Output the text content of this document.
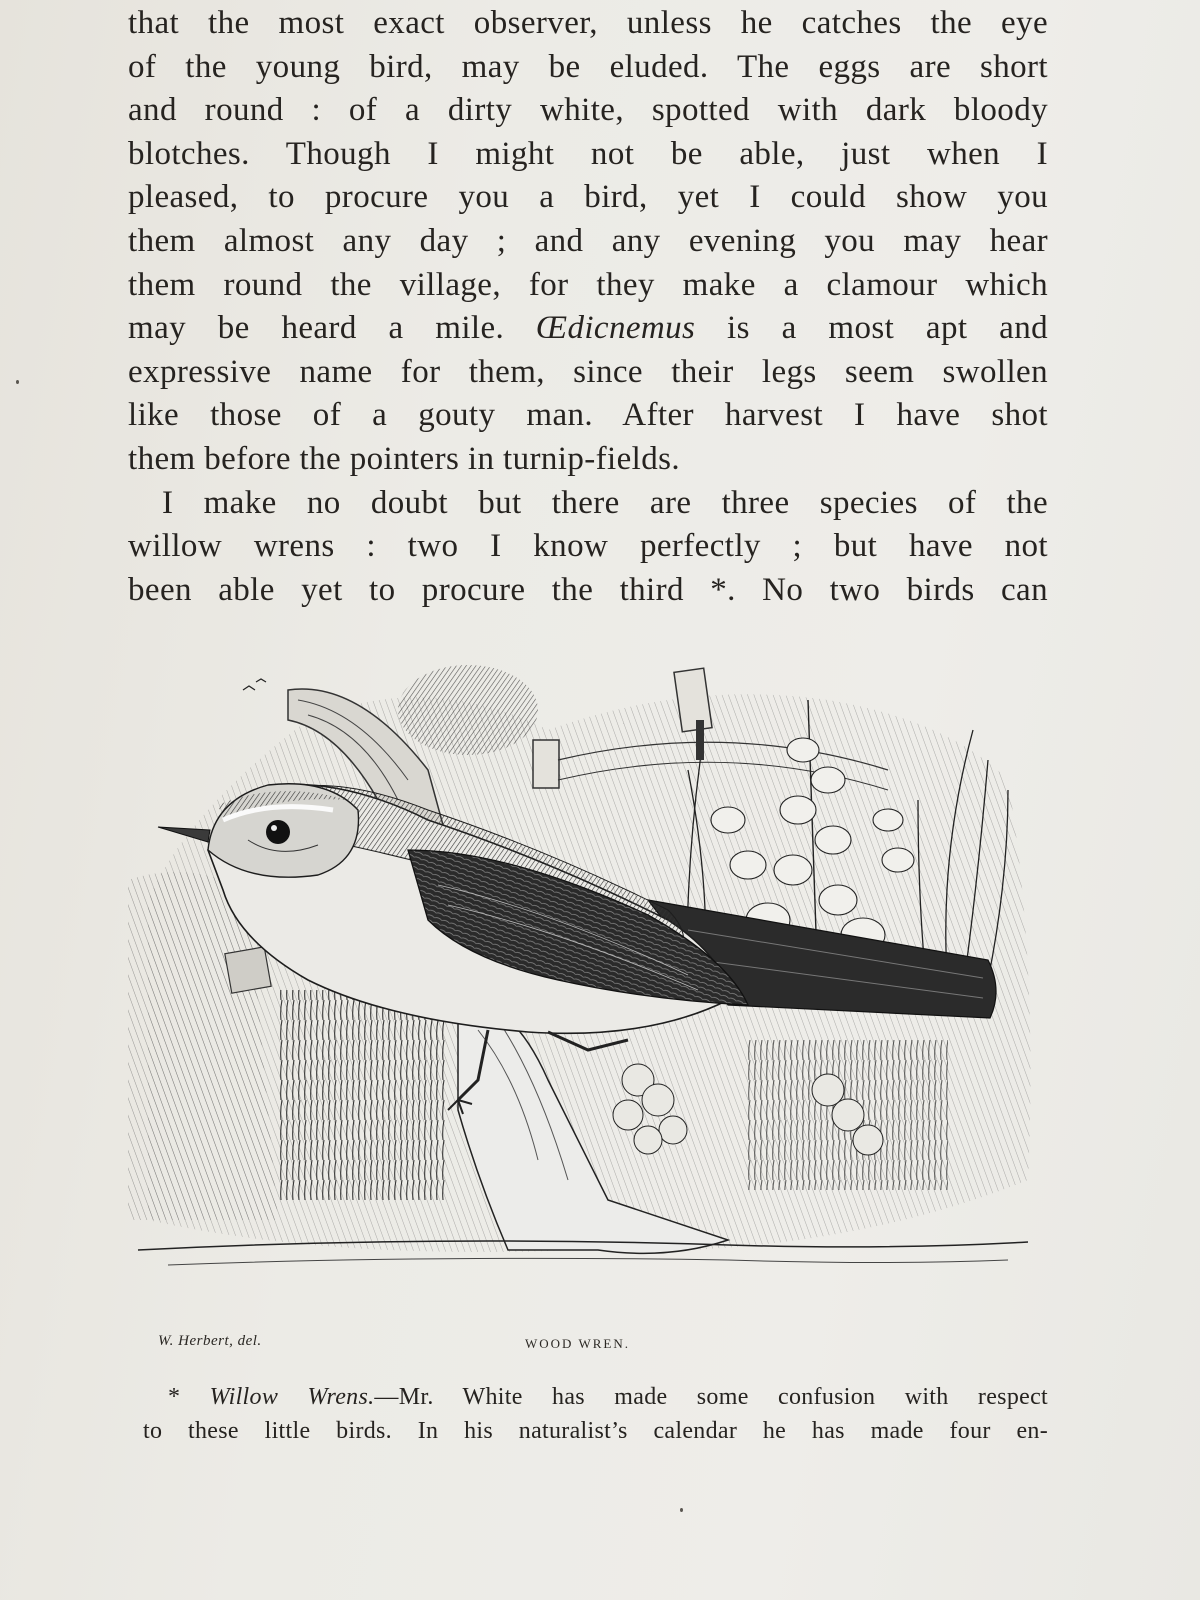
that the most exact observer, unless he catches the eye
of the young bird, may be eluded. The eggs are short
and round : of a dirty white, spotted with dark bloody
blotches. Though I might not be able, just when I
pleased, to procure you a bird, yet I could show you
them almost any day ; and any evening you may hear
them round the village, for they make a clamour which
may be heard a mile. Œdicnemus is a most apt and
expressive name for them, since their legs seem swollen
like those of a gouty man. After harvest I have shot
them before the pointers in turnip-fields.
I make no doubt but there are three species of the
willow wrens : two I know perfectly ; but have not
been able yet to procure the third *. No two birds can
W. Herbert, del.	WOOD WREN.
* Willow Wrens.—Mr. White has made some confusion with respect
to these little birds. In his naturalist’s calendar he has made four en-
